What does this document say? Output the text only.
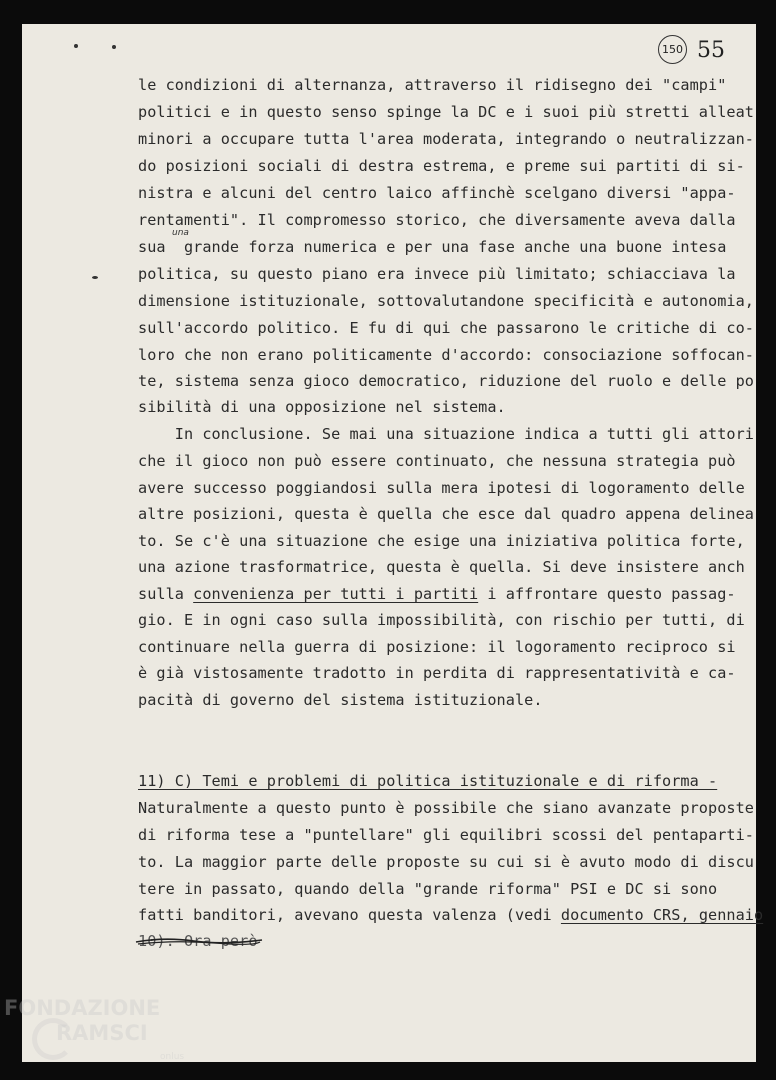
150 55
le condizioni di alternanza, attraverso il ridisegno dei "campi"
politici e in questo senso spinge la DC e i suoi più stretti alleat
minori a occupare tutta l'area moderata, integrando o neutralizzan-
do posizioni sociali di destra estrema, e preme sui partiti di si-
nistra e alcuni del centro laico affinchè scelgano diversi "appa-
rentamenti". Il compromesso storico, che diversamente aveva dalla
sua  grande forza numerica e per una fase anche una buone intesa
una
politica, su questo piano era invece più limitato; schiacciava la
dimensione istituzionale, sottovalutandone specificità e autonomia,
sull'accordo politico. E fu di qui che passarono le critiche di co-
loro che non erano politicamente d'accordo: consociazione soffocan-
te, sistema senza gioco democratico, riduzione del ruolo e delle po
sibilità di una opposizione nel sistema.
In conclusione. Se mai una situazione indica a tutti gli attori
che il gioco non può essere continuato, che nessuna strategia può
avere successo poggiandosi sulla mera ipotesi di logoramento delle
altre posizioni, questa è quella che esce dal quadro appena delinea
to. Se c'è una situazione che esige una iniziativa politica forte,
una azione trasformatrice, questa è quella. Si deve insistere anch
sulla convenienza per tutti i partiti i affrontare questo passag-
gio. E in ogni caso sulla impossibilità, con rischio per tutti, di
continuare nella guerra di posizione: il logoramento reciproco si
è già vistosamente tradotto in perdita di rappresentatività e ca-
pacità di governo del sistema istituzionale.
11) C) Temi e problemi di politica istituzionale e di riforma -
Naturalmente a questo punto è possibile che siano avanzate proposte
di riforma tese a "puntellare" gli equilibri scossi del pentaparti-
to. La maggior parte delle proposte su cui si è avuto modo di discu
tere in passato, quando della "grande riforma" PSI e DC si sono
fatti banditori, avevano questa valenza (vedi documento CRS, gennaio
10). Ora però
FONDAZIONE
RAMSCI
onlus
